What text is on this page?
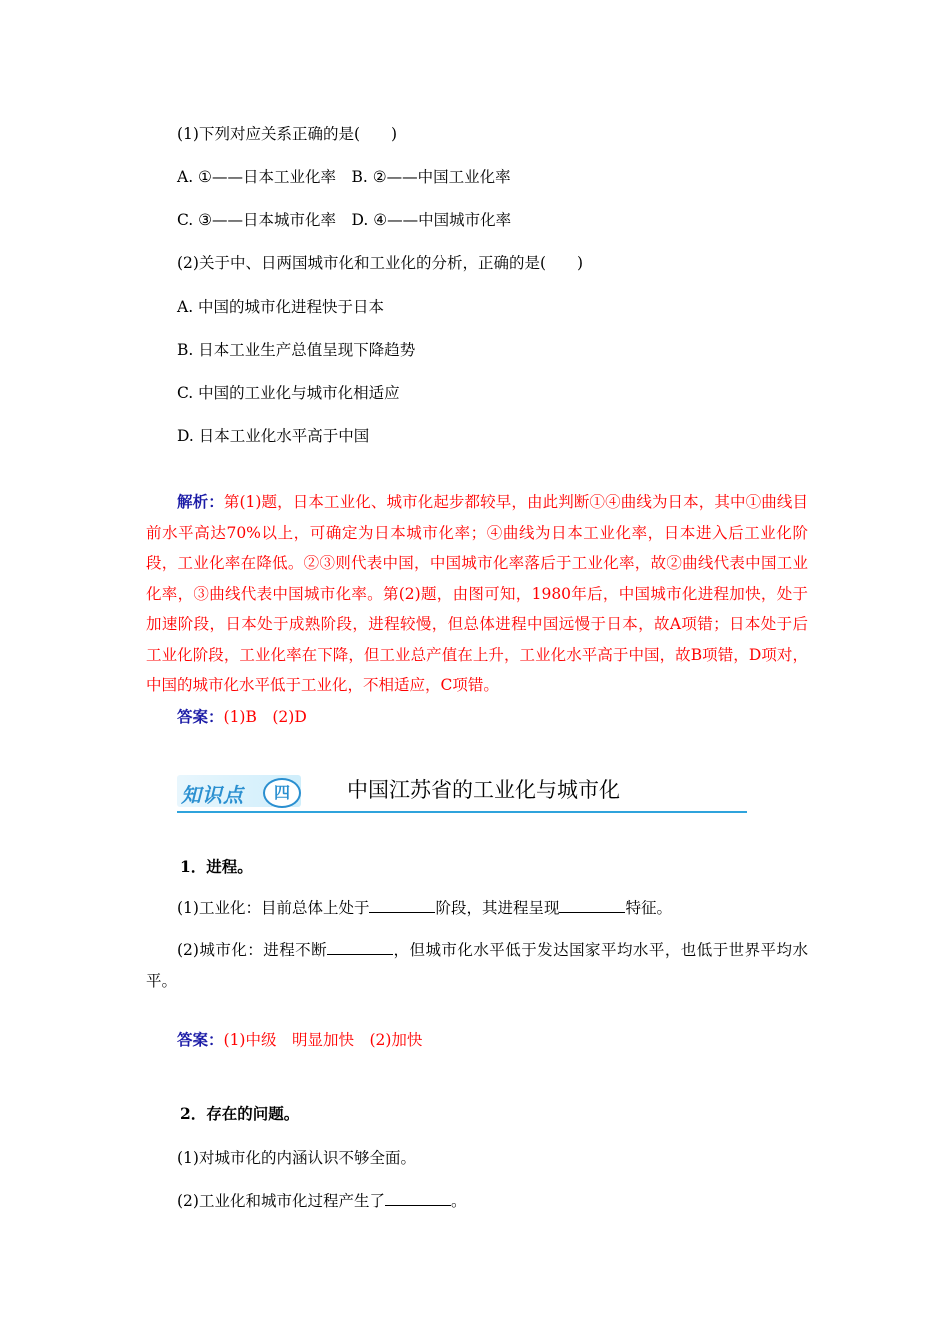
(1)下列对应关系正确的是(　　)
A. ①——日本工业化率　B. ②——中国工业化率
C. ③——日本城市化率　D. ④——中国城市化率
(2)关于中、日两国城市化和工业化的分析，正确的是(　　)
A. 中国的城市化进程快于日本
B. 日本工业生产总值呈现下降趋势
C. 中国的工业化与城市化相适应
D. 日本工业化水平高于中国
解析：第(1)题，日本工业化、城市化起步都较早，由此判断①④曲线为日本，其中①曲线目前水平高达70%以上，可确定为日本城市化率；④曲线为日本工业化率，日本进入后工业化阶段，工业化率在降低。②③则代表中国，中国城市化率落后于工业化率，故②曲线代表中国工业化率，③曲线代表中国城市化率。第(2)题，由图可知，1980年后，中国城市化进程加快，处于加速阶段，日本处于成熟阶段，进程较慢，但总体进程中国远慢于日本，故A项错；日本处于后工业化阶段，工业化率在下降，但工业总产值在上升，工业化水平高于中国，故B项错，D项对，中国的城市化水平低于工业化，不相适应，C项错。
答案：(1)B　(2)D
知识点	四	中国江苏省的工业化与城市化
1．进程。
(1)工业化：目前总体上处于	阶段，其进程呈现	特征。
(2)城市化：进程不断	，但城市化水平低于发达国家平均水平，也低于世界平均水平。
答案：(1)中级　明显加快　(2)加快
2．存在的问题。
(1)对城市化的内涵认识不够全面。
(2)工业化和城市化过程产生了	。
